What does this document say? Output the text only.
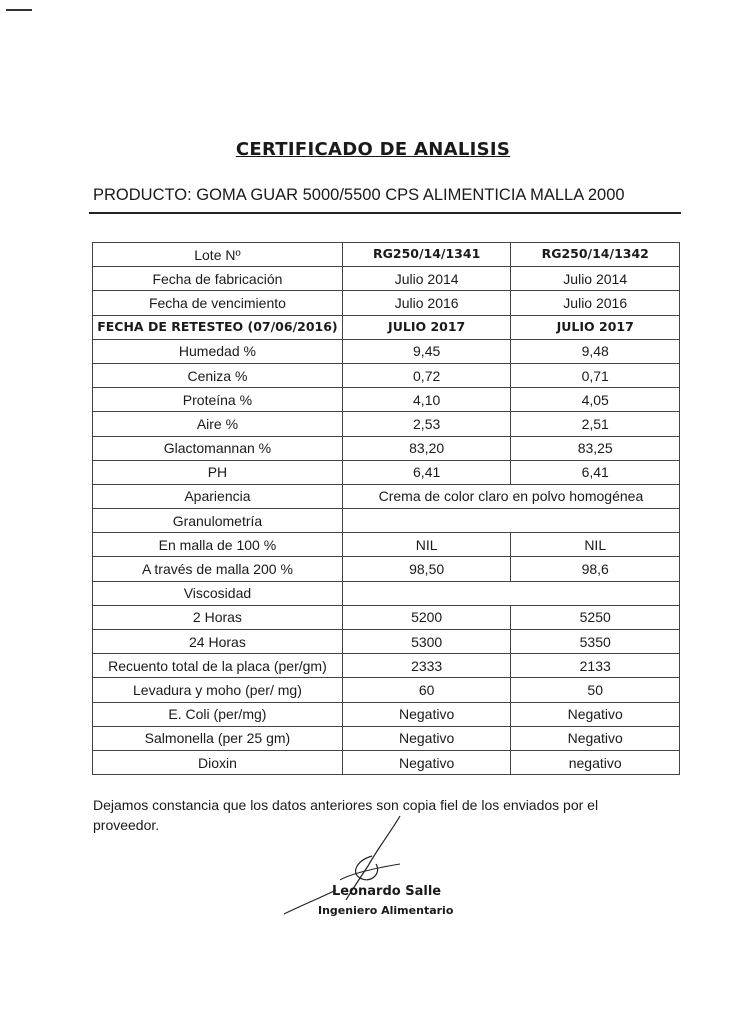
CERTIFICADO DE ANALISIS
PRODUCTO: GOMA GUAR 5000/5500 CPS ALIMENTICIA MALLA 2000
Lote Nº	RG250/14/1341	RG250/14/1342
Fecha de fabricación	Julio 2014	Julio 2014
Fecha de vencimiento	Julio 2016	Julio 2016
FECHA DE RETESTEO (07/06/2016)	JULIO 2017	JULIO 2017
Humedad %	9,45	9,48
Ceniza %	0,72	0,71
Proteína %	4,10	4,05
Aire %	2,53	2,51
Glactomannan %	83,20	83,25
PH	6,41	6,41
Apariencia	Crema de color claro en polvo homogénea	
Granulometría		
En malla de 100 %	NIL	NIL
A través de malla 200 %	98,50	98,6
Viscosidad		
2 Horas	5200	5250
24 Horas	5300	5350
Recuento total de la placa (per/gm)	2333	2133
Levadura y moho (per/ mg)	60	50
E. Coli (per/mg)	Negativo	Negativo
Salmonella (per 25 gm)	Negativo	Negativo
Dioxin	Negativo	negativo
Dejamos constancia que los datos anteriores son copia fiel de los enviados por el proveedor.
Leonardo Salle
Ingeniero Alimentario
